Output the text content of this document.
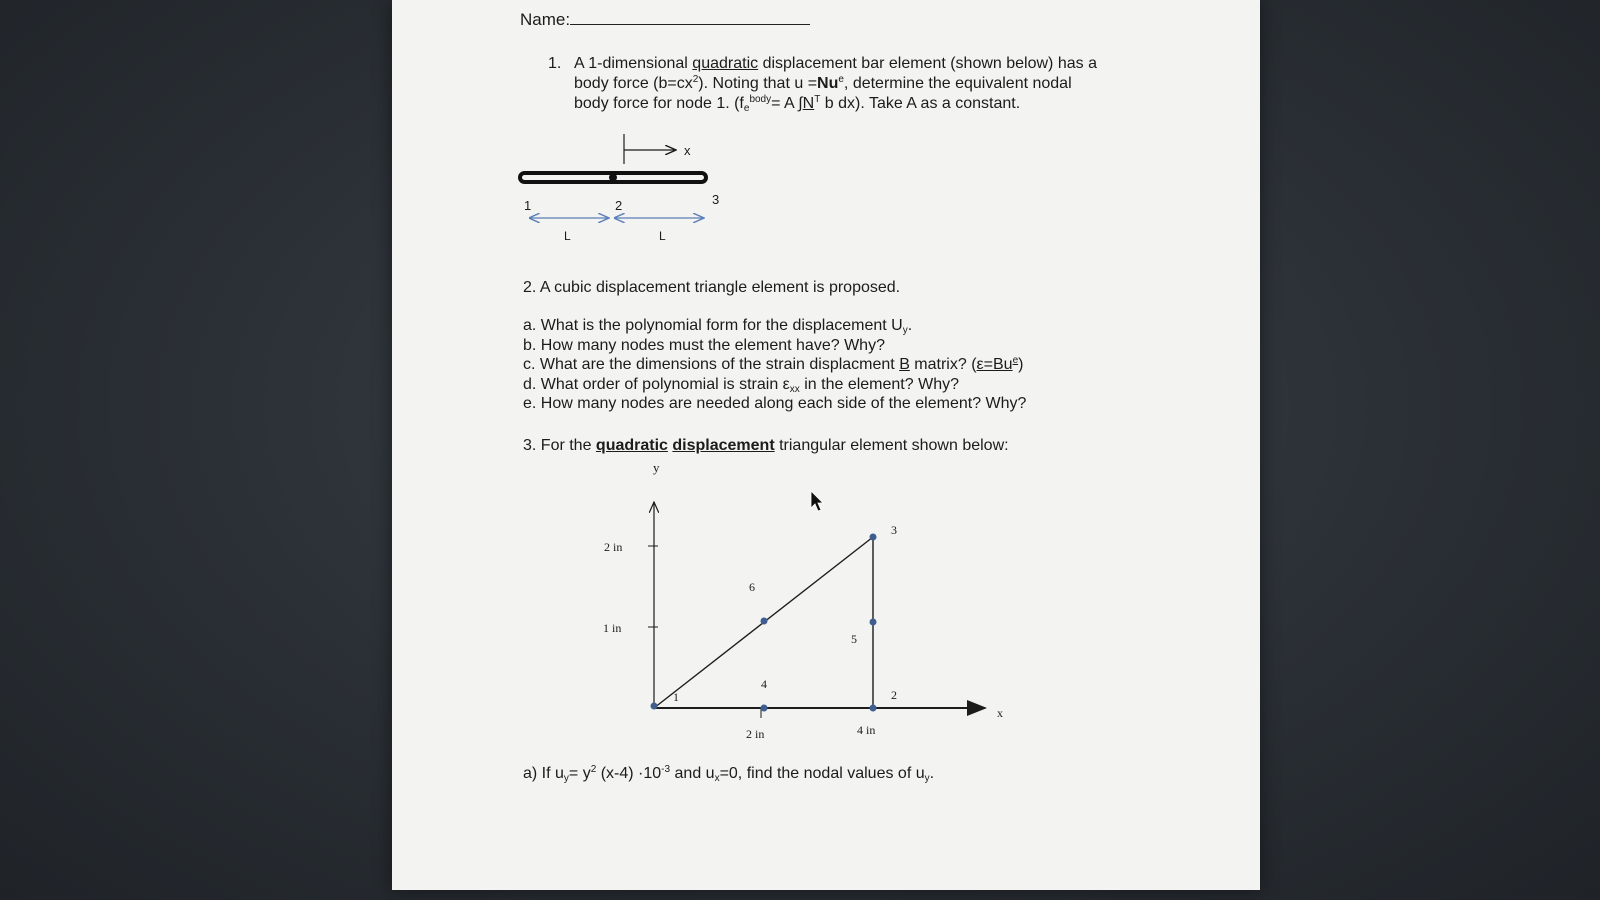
Name:
1. A 1-dimensional quadratic displacement bar element (shown below) has a
body force $(b=cx^2)$. Noting that $u =Nu^e$, determine the equivalent nodal
body force for node 1. ($f_e^{body}= A$ $\int N^T$ b dx). Take A as a constant.
x
1	2	3
L	L
2. A cubic displacement triangle element is proposed.
a. What is the polynomial form for the displacement $U_y$.
b. How many nodes must the element have? Why?
c. What are the dimensions of the strain displacment B matrix? $(\varepsilon=Bu^e)$
d. What order of polynomial is strain $\varepsilon_{xx}$ in the element? Why?
e. How many nodes are needed along each side of the element? Why?
3. For the quadratic displacement triangular element shown below:
y
x
2 in
1 in
2 in	4 in
1	2
3
4
5
6
a) If $u_y= y^2$ $(x-4) \cdot 10^{-3}$ and $u_x=0$, find the nodal values of $u_y$.
